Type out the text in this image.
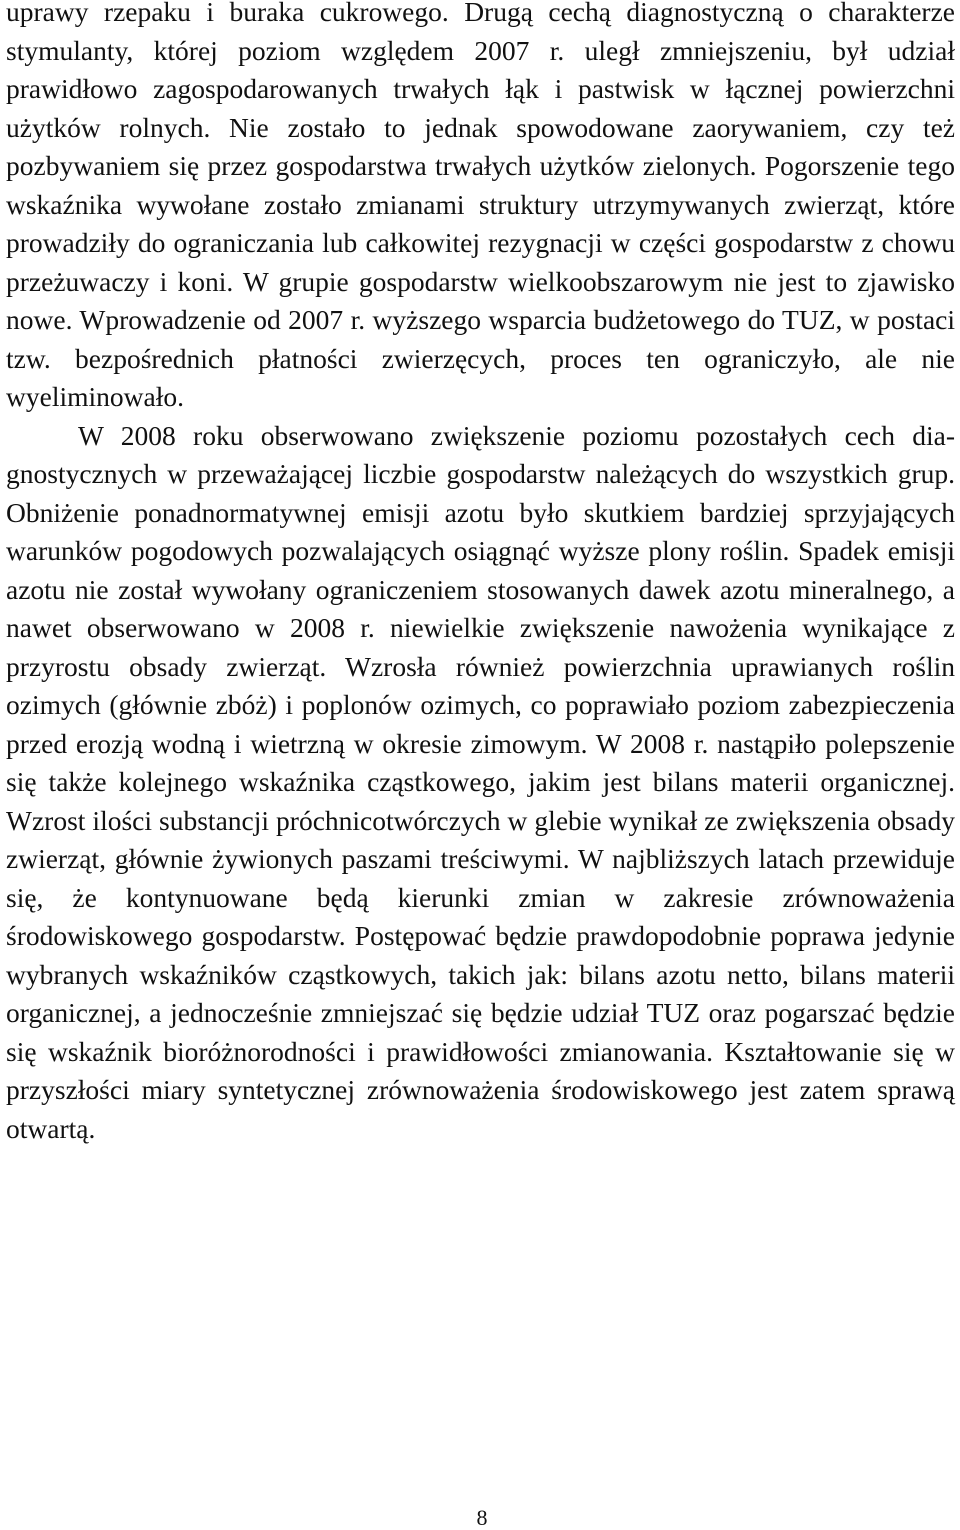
uprawy rzepaku i buraka cukrowego. Drugą cechą diagnostyczną o charakterze stymulanty, której poziom względem 2007 r. uległ zmniejszeniu, był udział prawidłowo zagospodarowanych trwałych łąk i pastwisk w łącznej powierzchni użytków rolnych. Nie zostało to jednak spowodowane zaorywaniem, czy też pozbywaniem się przez gospodarstwa trwałych użytków zielonych. Pogorszenie tego wskaźnika wywołane zostało zmianami struktury utrzymywanych zwierząt, które prowadziły do ograniczania lub całkowitej rezygnacji w części gospodarstw z chowu przeżuwaczy i koni. W grupie gospodarstw wielkoobszarowym nie jest to zjawisko nowe. Wprowadzenie od 2007 r. wyższego wsparcia budżetowego do TUZ, w postaci tzw. bezpośrednich płatności zwierzęcych, proces ten ograniczyło, ale nie wyeliminowało.

W 2008 roku obserwowano zwiększenie poziomu pozostałych cech diagnostycznych w przeważającej liczbie gospodarstw należących do wszystkich grup. Obniżenie ponadnormatywnej emisji azotu było skutkiem bardziej sprzyjających warunków pogodowych pozwalających osiągnąć wyższe plony roślin. Spadek emisji azotu nie został wywołany ograniczeniem stosowanych dawek azotu mineralnego, a nawet obserwowano w 2008 r. niewielkie zwiększenie nawożenia wynikające z przyrostu obsady zwierząt. Wzrosła również powierzchnia uprawianych roślin ozimych (głównie zbóż) i poplonów ozimych, co poprawiało poziom zabezpieczenia przed erozją wodną i wietrzną w okresie zimowym. W 2008 r. nastąpiło polepszenie się także kolejnego wskaźnika cząstkowego, jakim jest bilans materii organicznej. Wzrost ilości substancji próchnicotwórczych w glebie wynikał ze zwiększenia obsady zwierząt, głównie żywionych paszami treściwymi. W najbliższych latach przewiduje się, że kontynuowane będą kierunki zmian w zakresie zrównoważenia środowiskowego gospodarstw. Postępować będzie prawdopodobnie poprawa jedynie wybranych wskaźników cząstkowych, takich jak: bilans azotu netto, bilans materii organicznej, a jednocześnie zmniejszać się będzie udział TUZ oraz pogarszać będzie się wskaźnik bioróżnorodności i prawidłowości zmianowania. Kształtowanie się w przyszłości miary syntetycznej zrównoważenia środowiskowego jest zatem sprawą otwartą.

8
